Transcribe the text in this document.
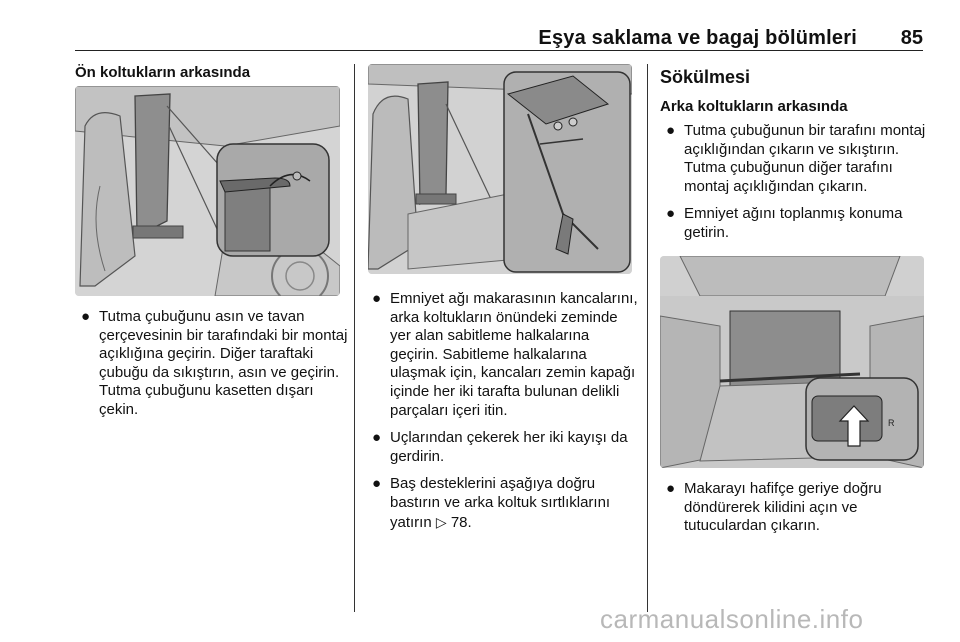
Eşya saklama ve bagaj bölümleri 85

Ön koltukların arkasında

● Tutma çubuğunu asın ve tavan çerçevesinin bir tarafındaki bir montaj açıklığına geçirin. Diğer taraftaki çubuğu da sıkıştırın, asın ve geçirin. Tutma çubuğunu kasetten dışarı çekin.
● Emniyet ağı makarasının kancalarını, arka koltukların önündeki zeminde yer alan sabitleme halkalarına geçirin. Sabitleme halkalarına ulaşmak için, kancaları zemin kapağı içinde her iki tarafta bulunan delikli parçaları içeri itin.
● Uçlarından çekerek her iki kayışı da gerdirin.
● Baş desteklerini aşağıya doğru bastırın ve arka koltuk sırtlıklarını yatırın ▷ 78.

Sökülmesi

Arka koltukların arkasında

● Tutma çubuğunun bir tarafını montaj açıklığından çıkarın ve sıkıştırın. Tutma çubuğunun diğer tarafını montaj açıklığından çıkarın.
● Emniyet ağını toplanmış konuma getirin.
R
● Makarayı hafifçe geriye doğru döndürerek kilidini açın ve tutuculardan çıkarın.
carmanualsonline.info
